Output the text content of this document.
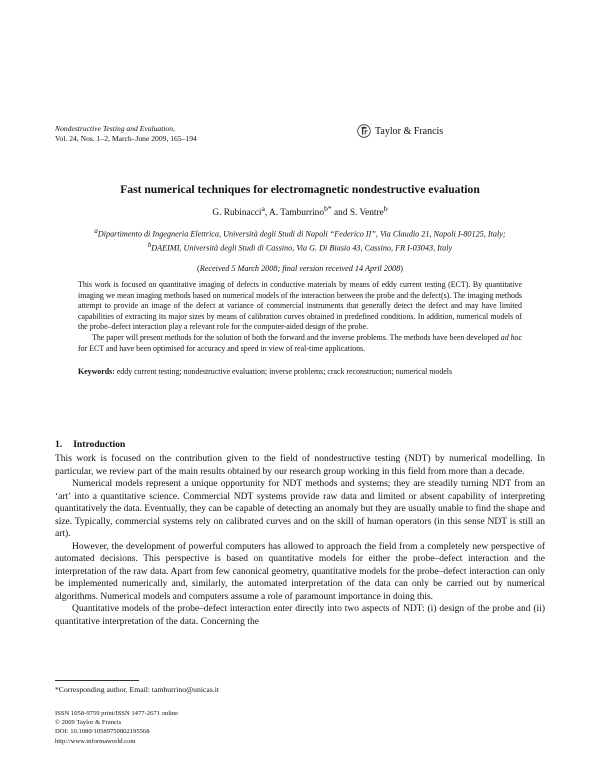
Nondestructive Testing and Evaluation,
Vol. 24, Nos. 1–2, March–June 2009, 165–194
Taylor & Francis
Fast numerical techniques for electromagnetic nondestructive evaluation
G. Rubinacci$^a$, A. Tamburrino$^{b*}$ and S. Ventre$^b$
$^a$Dipartimento di Ingegneria Elettrica, Università degli Studi di Napoli “Federico II”, Via Claudio 21, Napoli I-80125, Italy; $^b$DAEIMI, Università degli Studi di Cassino, Via G. Di Biasio 43, Cassino, FR I-03043, Italy
(Received 5 March 2008; final version received 14 April 2008)

This work is focused on quantitative imaging of defects in conductive materials by means of eddy current testing (ECT). By quantitative imaging we mean imaging methods based on numerical models of the interaction between the probe and the defect(s). The imaging methods attempt to provide an image of the defect at variance of commercial instruments that generally detect the defect and may have limited capabilities of extracting its major sizes by means of calibration curves obtained in predefined conditions. In addition, numerical models of the probe–defect interaction play a relevant role for the computer-aided design of the probe.

The paper will present methods for the solution of both the forward and the inverse problems. The methods have been developed ad hoc for ECT and have been optimised for accuracy and speed in view of real-time applications.

Keywords: eddy current testing; nondestructive evaluation; inverse problems; crack reconstruction; numerical models
1. Introduction

This work is focused on the contribution given to the field of nondestructive testing (NDT) by numerical modelling. In particular, we review part of the main results obtained by our research group working in this field from more than a decade.

Numerical models represent a unique opportunity for NDT methods and systems; they are steadily turning NDT from an ‘art’ into a quantitative science. Commercial NDT systems provide raw data and limited or absent capability of interpreting quantitatively the data. Eventually, they can be capable of detecting an anomaly but they are usually unable to find the shape and size. Typically, commercial systems rely on calibrated curves and on the skill of human operators (in this sense NDT is still an art).

However, the development of powerful computers has allowed to approach the field from a completely new perspective of automated decisions. This perspective is based on quantitative models for either the probe–defect interaction and the interpretation of the raw data. Apart from few canonical geometry, quantitative models for the probe–defect interaction can only be implemented numerically and, similarly, the automated interpretation of the data can only be carried out by numerical algorithms. Numerical models and computers assume a role of paramount importance in doing this.

Quantitative models of the probe–defect interaction enter directly into two aspects of NDT: (i) design of the probe and (ii) quantitative interpretation of the data. Concerning the

*Corresponding author. Email: tamburrino@unicas.it
ISSN 1058-9759 print/ISSN 1477-2671 online
© 2009 Taylor & Francis
DOI: 10.1080/10589750802195568
http://www.informaworld.com
